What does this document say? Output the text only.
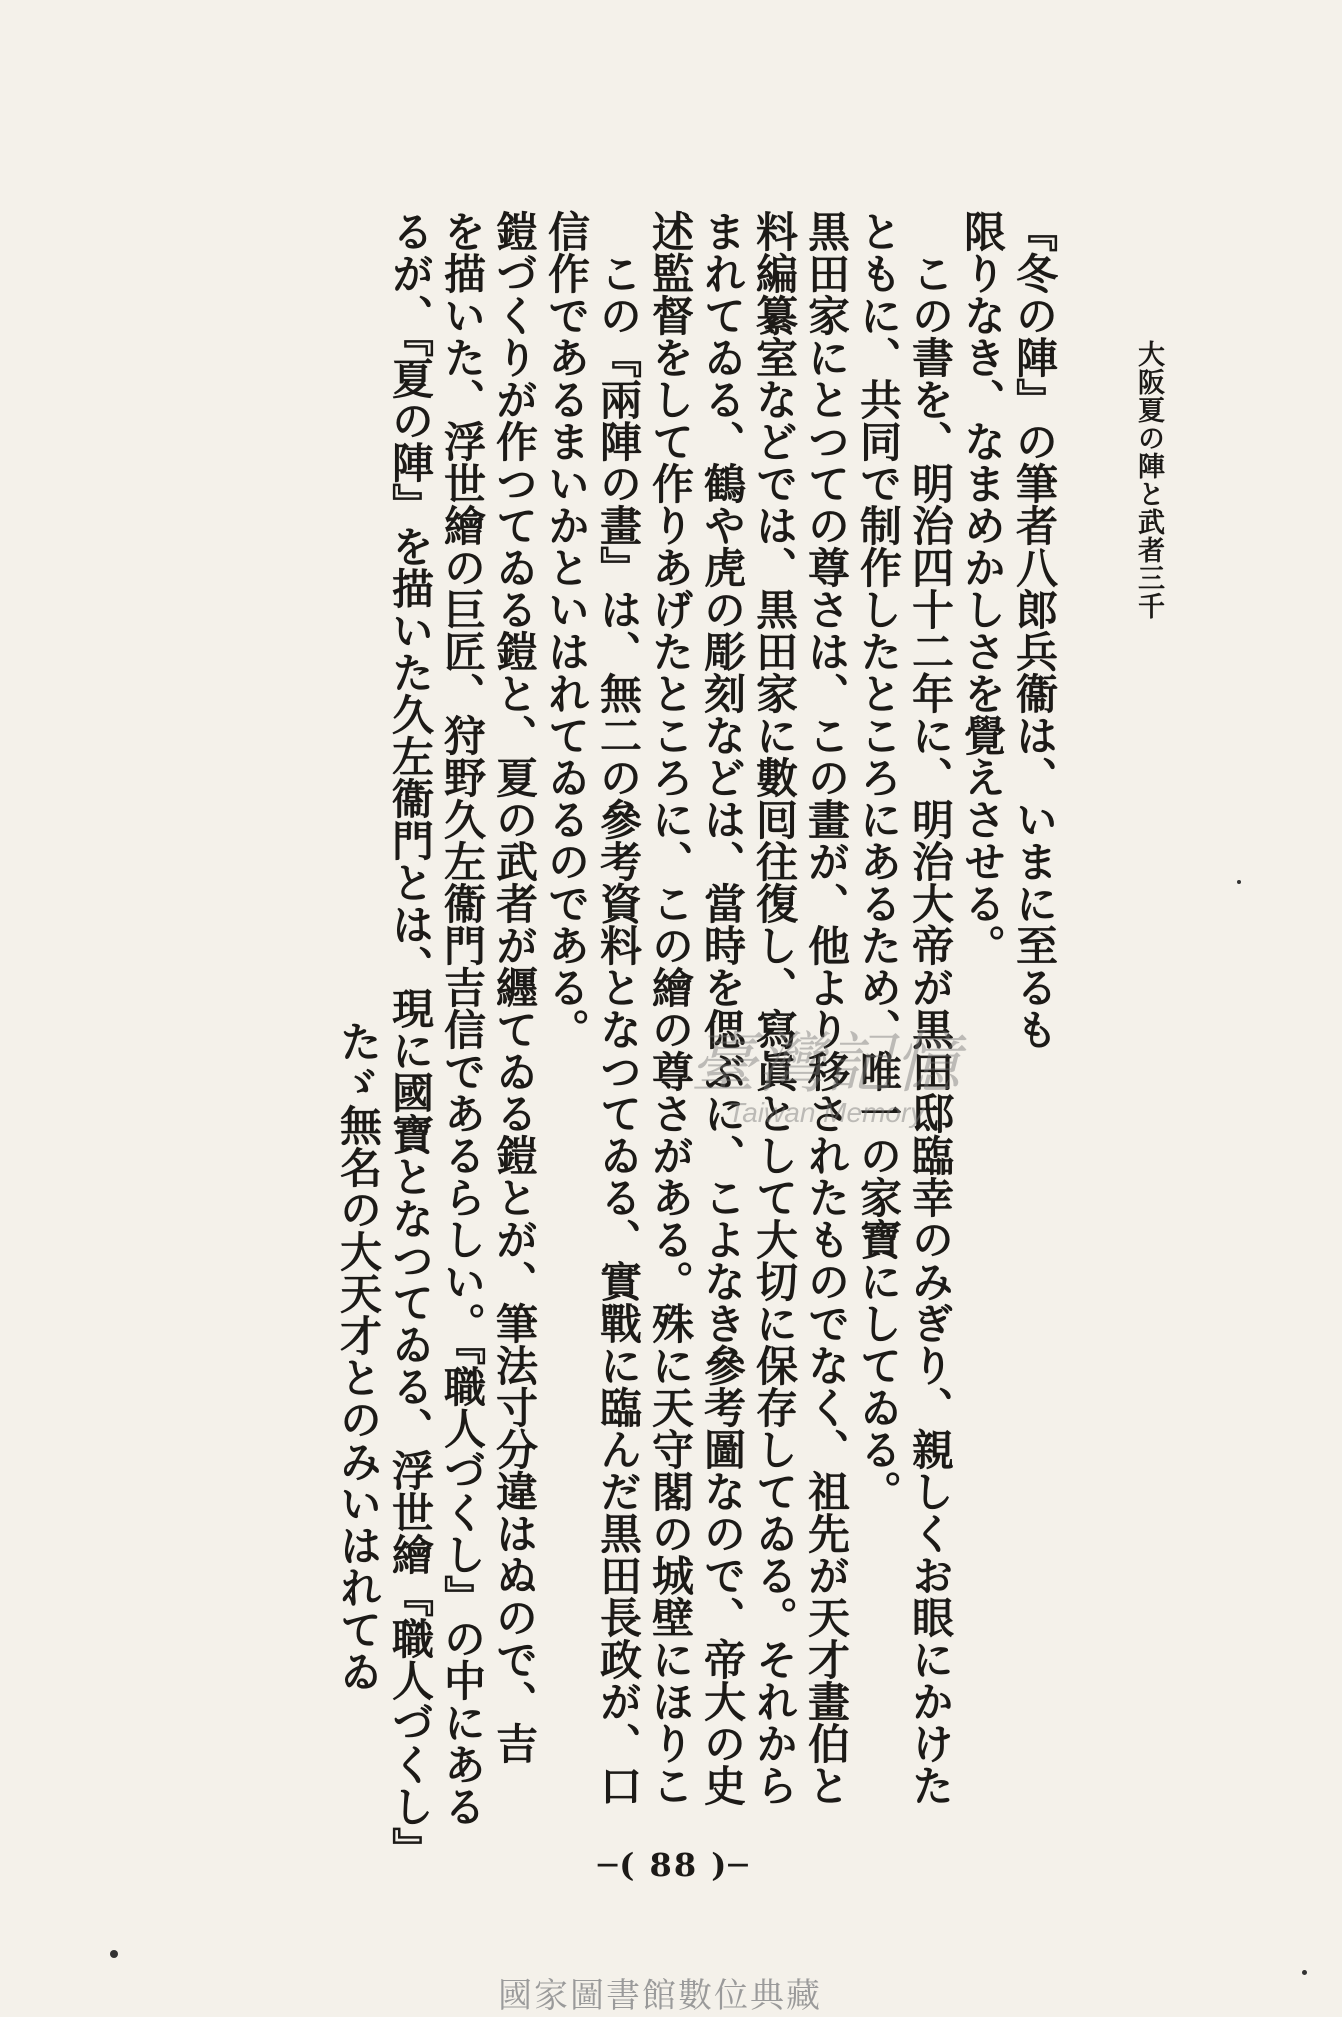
大阪夏の陣と武者三千
『冬の陣』の筆者八郎兵衞は、いまに至るも
限りなき、なまめかしさを覺えさせる。
この書を、明治四十二年に、明治大帝が黒田邸臨幸のみぎり、親しくお眼にかけた
ともに、共同で制作したところにあるため、唯一の家寶にしてゐる。
黒田家にとつての尊さは、この畫が、他より移されたものでなく、祖先が天才畫伯と
料編纂室などでは、黒田家に數囘往復し、寫眞として大切に保存してゐる。それから
まれてゐる、鶴や虎の彫刻などは、當時を偲ぶに、こよなき參考圖なので、帝大の史
述監督をして作りあげたところに、この繪の尊さがある。殊に天守閣の城壁にほりこ
この『兩陣の畫』は、無二の參考資料となつてゐる、實戰に臨んだ黒田長政が、口
信作であるまいかといはれてゐるのである。
鎧づくりが作つてゐる鎧と、夏の武者が纒てゐる鎧とが、筆法寸分違はぬので、吉
を描いた、浮世繪の巨匠、狩野久左衞門吉信であるらしい。『職人づくし』の中にある
るが、『夏の陣』を描いた久左衞門とは、現に國寶となつてゐる、浮世繪『職人づくし』
たゞ無名の大天才とのみいはれてゐ	臺灣記憶
Taiwan Memory
─( 88 )─
國家圖書館數位典藏
